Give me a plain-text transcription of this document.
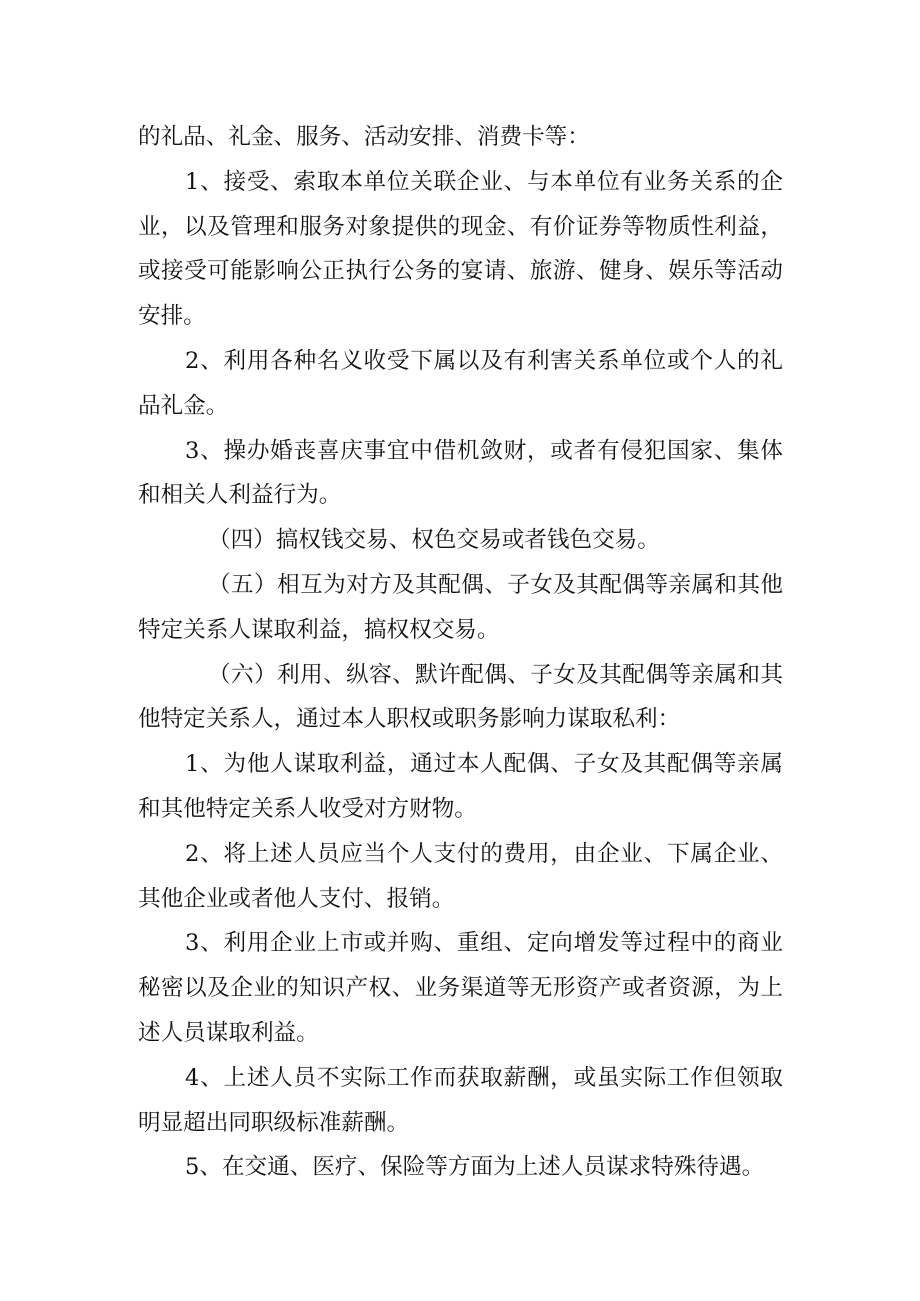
的礼品、礼金、服务、活动安排、消费卡等：

1、接受、索取本单位关联企业、与本单位有业务关系的企业，以及管理和服务对象提供的现金、有价证券等物质性利益，或接受可能影响公正执行公务的宴请、旅游、健身、娱乐等活动安排。

2、利用各种名义收受下属以及有利害关系单位或个人的礼品礼金。

3、操办婚丧喜庆事宜中借机敛财，或者有侵犯国家、集体和相关人利益行为。

（四）搞权钱交易、权色交易或者钱色交易。

（五）相互为对方及其配偶、子女及其配偶等亲属和其他特定关系人谋取利益，搞权权交易。

（六）利用、纵容、默许配偶、子女及其配偶等亲属和其他特定关系人，通过本人职权或职务影响力谋取私利：

1、为他人谋取利益，通过本人配偶、子女及其配偶等亲属和其他特定关系人收受对方财物。

2、将上述人员应当个人支付的费用，由企业、下属企业、其他企业或者他人支付、报销。

3、利用企业上市或并购、重组、定向增发等过程中的商业秘密以及企业的知识产权、业务渠道等无形资产或者资源，为上述人员谋取利益。

4、上述人员不实际工作而获取薪酬，或虽实际工作但领取明显超出同职级标准薪酬。

5、在交通、医疗、保险等方面为上述人员谋求特殊待遇。
